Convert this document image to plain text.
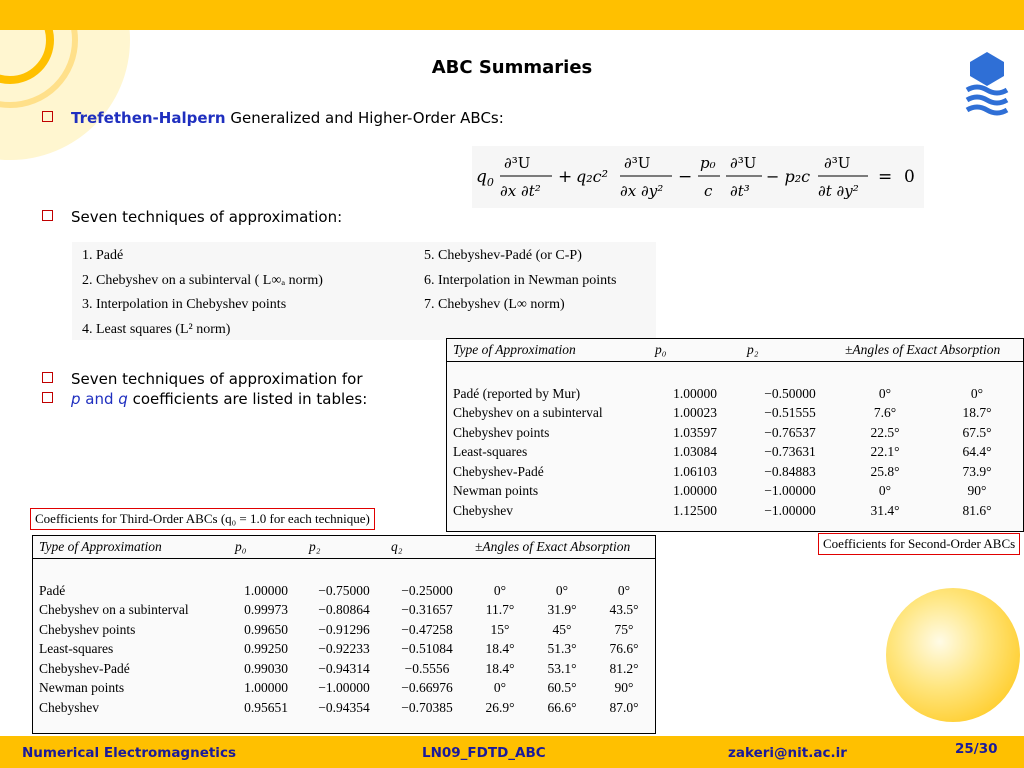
ABC Summaries
Trefethen-Halpern Generalized and Higher-Order ABCs:
$q_0$
∂³U
∂x ∂t²
+ q₂c²
∂³U
∂x ∂y²
−
p₀
c
∂³U
∂t³
− p₂c
∂³U
∂t ∂y²
= 0
Seven techniques of approximation:
1. Padé
2. Chebyshev on a subinterval ( L∞ₐ norm)
3. Interpolation in Chebyshev points
4. Least squares (L² norm)
5. Chebyshev-Padé (or C-P)
6. Interpolation in Newman points
7. Chebyshev (L∞ norm)
Seven techniques of approximation for
p and q coefficients are listed in tables:
Type of Approximation	p₀	p₂	±Angles of Exact Absorption	
Padé (reported by Mur)	1.00000	−0.50000	0°	0°
Chebyshev on a subinterval	1.00023	−0.51555	7.6°	18.7°
Chebyshev points	1.03597	−0.76537	22.5°	67.5°
Least-squares	1.03084	−0.73631	22.1°	64.4°
Chebyshev-Padé	1.06103	−0.84883	25.8°	73.9°
Newman points	1.00000	−1.00000	0°	90°
Chebyshev	1.12500	−1.00000	31.4°	81.6°
Coefficients for Second-Order ABCs
Coefficients for Third-Order ABCs (q₀ = 1.0 for each technique)
Type of Approximation	p₀	p₂	q₂	±Angles of Exact Absorption		
Padé	1.00000	−0.75000	−0.25000	0°	0°	0°
Chebyshev on a subinterval	0.99973	−0.80864	−0.31657	11.7°	31.9°	43.5°
Chebyshev points	0.99650	−0.91296	−0.47258	15°	45°	75°
Least-squares	0.99250	−0.92233	−0.51084	18.4°	51.3°	76.6°
Chebyshev-Padé	0.99030	−0.94314	−0.5556	18.4°	53.1°	81.2°
Newman points	1.00000	−1.00000	−0.66976	0°	60.5°	90°
Chebyshev	0.95651	−0.94354	−0.70385	26.9°	66.6°	87.0°
Numerical Electromagnetics	LN09_FDTD_ABC	zakeri@nit.ac.ir	25/30
